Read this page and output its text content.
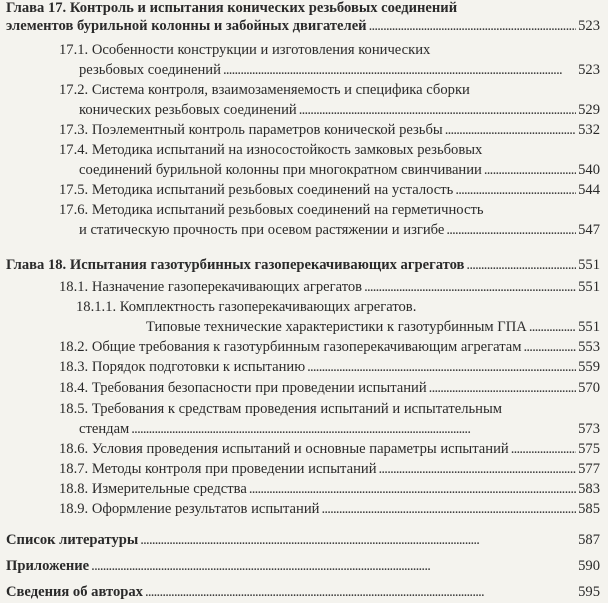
Глава 17. Контроль и испытания конических резьбовых соединений
элементов бурильной колонны и забойных двигателей . . .	523
17.1. Особенности конструкции и изготовления конических
резьбовых соединений . . .	523
17.2. Система контроля, взаимозаменяемость и специфика сборки
конических резьбовых соединений . . .	529
17.3. Поэлементный контроль параметров конической резьбы . . .	532
17.4. Методика испытаний на износостойкость замковых резьбовых
соединений бурильной колонны при многократном свинчивании . . .	540
17.5. Методика испытаний резьбовых соединений на усталость . . .	544
17.6. Методика испытаний резьбовых соединений на герметичность
и статическую прочность при осевом растяжении и изгибе . . .	547
Глава 18. Испытания газотурбинных газоперекачивающих агрегатов . . .	551
18.1. Назначение газоперекачивающих агрегатов . . .	551
18.1.1. Комплектность газоперекачивающих агрегатов.
Типовые технические характеристики к газотурбинным ГПА . . .	551
18.2. Общие требования к газотурбинным газоперекачивающим агрегатам . . .	553
18.3. Порядок подготовки к испытанию . . .	559
18.4. Требования безопасности при проведении испытаний . . .	570
18.5. Требования к средствам проведения испытаний и испытательным
стендам . . .	573
18.6. Условия проведения испытаний и основные параметры испытаний . . .	575
18.7. Методы контроля при проведении испытаний . . .	577
18.8. Измерительные средства . . .	583
18.9. Оформление результатов испытаний . . .	585
Список литературы . . .	587
Приложение . . .	590
Сведения об авторах . . .	595
